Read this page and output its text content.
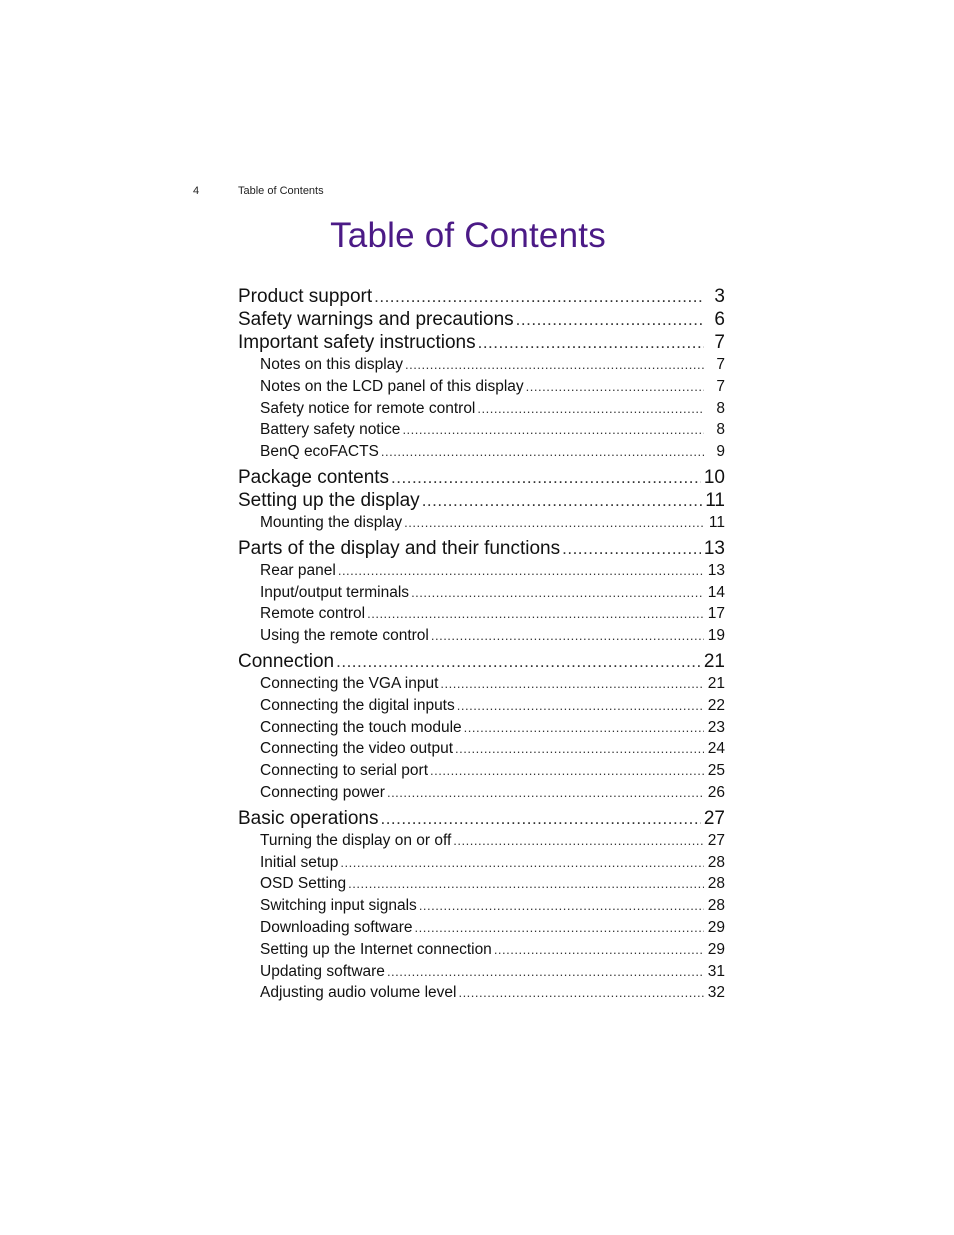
4	Table of Contents
Table of Contents
Product support .....	3
Safety warnings and precautions .....	6
Important safety instructions .....	7
Notes on this display .....	7
Notes on the LCD panel of this display .....	7
Safety notice for remote control .....	8
Battery safety notice .....	8
BenQ ecoFACTS .....	9
Package contents .....	10
Setting up the display .....	11
Mounting the display .....	11
Parts of the display and their functions .....	13
Rear panel .....	13
Input/output terminals .....	14
Remote control .....	17
Using the remote control .....	19
Connection .....	21
Connecting the VGA input .....	21
Connecting the digital inputs .....	22
Connecting the touch module .....	23
Connecting the video output .....	24
Connecting to serial port .....	25
Connecting power .....	26
Basic operations .....	27
Turning the display on or off .....	27
Initial setup .....	28
OSD Setting .....	28
Switching input signals .....	28
Downloading software .....	29
Setting up the Internet connection .....	29
Updating software .....	31
Adjusting audio volume level .....	32
